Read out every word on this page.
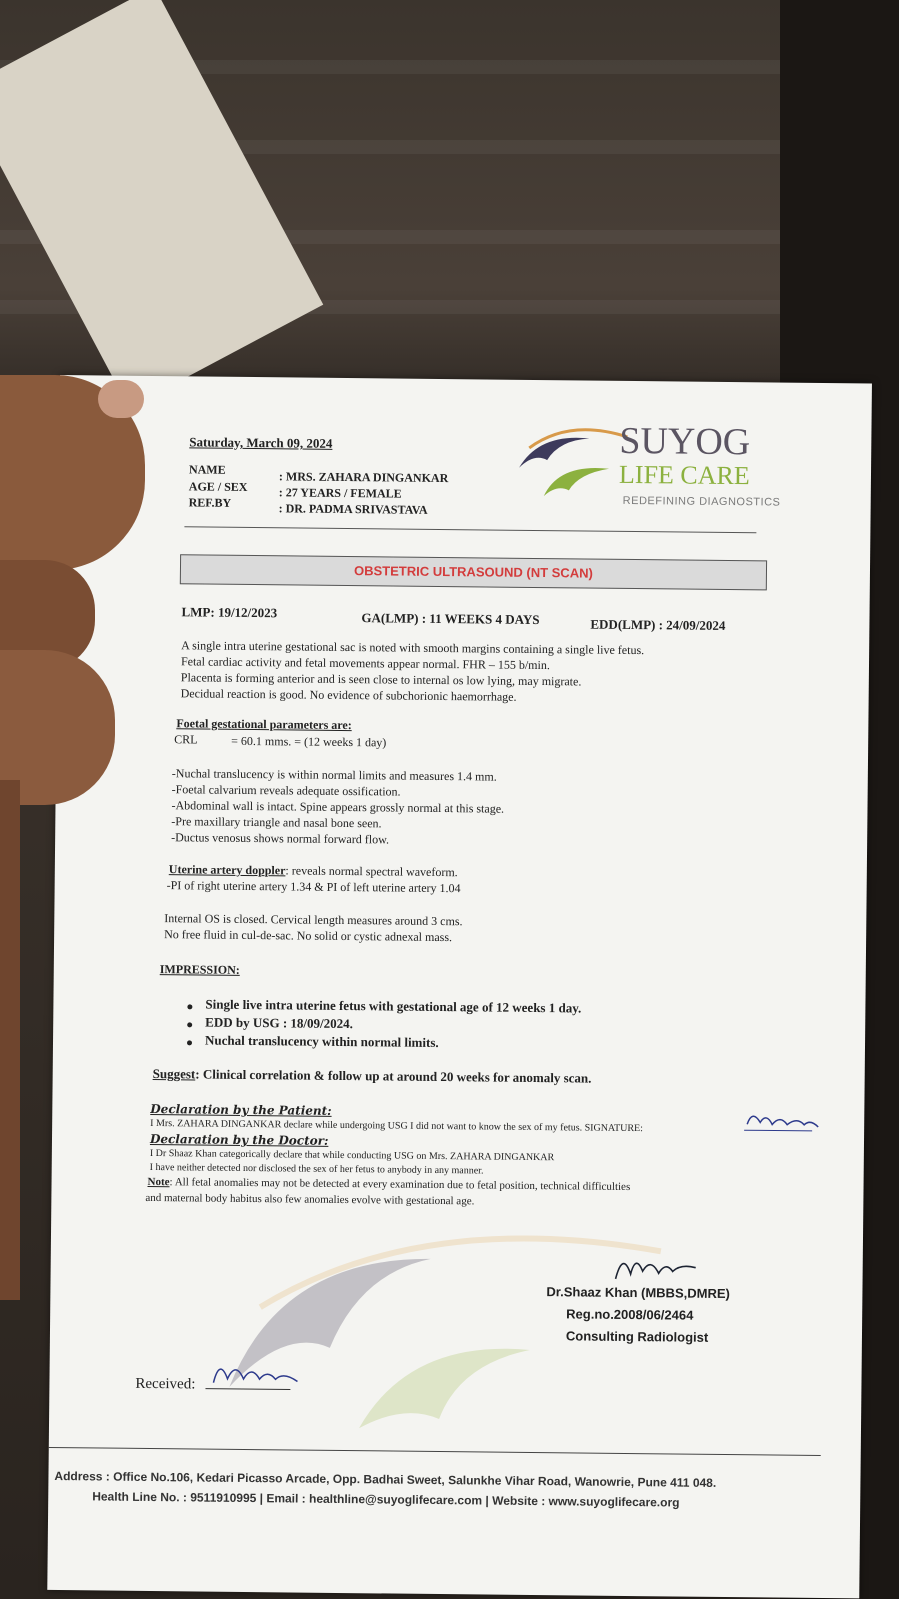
Saturday, March 09, 2024
NAME	: MRS. ZAHARA DINGANKAR
AGE / SEX	: 27 YEARS / FEMALE
REF.BY	: DR. PADMA SRIVASTAVA
SUYOG
LIFE CARE
REDEFINING DIAGNOSTICS
OBSTETRIC ULTRASOUND (NT SCAN)
LMP: 19/12/2023	GA(LMP) : 11 WEEKS 4 DAYS	EDD(LMP) : 24/09/2024
A single intra uterine gestational sac is noted with smooth margins containing a single live fetus.
Fetal cardiac activity and fetal movements appear normal. FHR – 155 b/min.
Placenta is forming anterior and is seen close to internal os low lying, may migrate.
Decidual reaction is good. No evidence of subchorionic haemorrhage.
Foetal gestational parameters are:
CRL	= 60.1 mms. = (12 weeks 1 day)
-Nuchal translucency is within normal limits and measures 1.4 mm.
-Foetal calvarium reveals adequate ossification.
-Abdominal wall is intact. Spine appears grossly normal at this stage.
-Pre maxillary triangle and nasal bone seen.
-Ductus venosus shows normal forward flow.
Uterine artery doppler: reveals normal spectral waveform.
-PI of right uterine artery 1.34 & PI of left uterine artery 1.04
Internal OS is closed. Cervical length measures around 3 cms.
No free fluid in cul-de-sac. No solid or cystic adnexal mass.
IMPRESSION:
Single live intra uterine fetus with gestational age of 12 weeks 1 day.
EDD by USG : 18/09/2024.
Nuchal translucency within normal limits.
Suggest: Clinical correlation & follow up at around 20 weeks for anomaly scan.
Declaration by the Patient:
I Mrs. ZAHARA DINGANKAR declare while undergoing USG I did not want to know the sex of my fetus. SIGNATURE:
Declaration by the Doctor:
I Dr Shaaz Khan categorically declare that while conducting USG on Mrs. ZAHARA DINGANKAR
I have neither detected nor disclosed the sex of her fetus to anybody in any manner.
Note: All fetal anomalies may not be detected at every examination due to fetal position, technical difficulties
and maternal body habitus also few anomalies evolve with gestational age.
Dr.Shaaz Khan (MBBS,DMRE)
Reg.no.2008/06/2464
Consulting Radiologist
Received:
Address : Office No.106, Kedari Picasso Arcade, Opp. Badhai Sweet, Salunkhe Vihar Road, Wanowrie, Pune 411 048.
Health Line No. : 9511910995 | Email : healthline@suyoglifecare.com | Website : www.suyoglifecare.org
